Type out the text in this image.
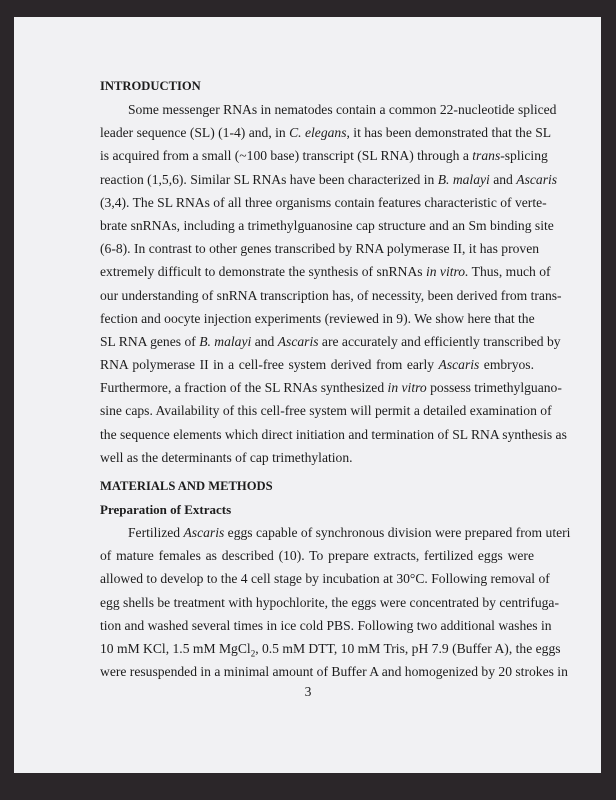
INTRODUCTION
Some messenger RNAs in nematodes contain a common 22-nucleotide spliced
leader sequence (SL) (1-4) and, in C. elegans, it has been demonstrated that the SL
is acquired from a small (~100 base) transcript (SL RNA) through a trans-splicing
reaction (1,5,6). Similar SL RNAs have been characterized in B. malayi and Ascaris
(3,4). The SL RNAs of all three organisms contain features characteristic of verte-
brate snRNAs, including a trimethylguanosine cap structure and an Sm binding site
(6-8). In contrast to other genes transcribed by RNA polymerase II, it has proven
extremely difficult to demonstrate the synthesis of snRNAs in vitro. Thus, much of
our understanding of snRNA transcription has, of necessity, been derived from trans-
fection and oocyte injection experiments (reviewed in 9). We show here that the
SL RNA genes of B. malayi and Ascaris are accurately and efficiently transcribed by
RNA polymerase II in a cell-free system derived from early Ascaris embryos.
Furthermore, a fraction of the SL RNAs synthesized in vitro possess trimethylguano-
sine caps. Availability of this cell-free system will permit a detailed examination of
the sequence elements which direct initiation and termination of SL RNA synthesis as
well as the determinants of cap trimethylation.
MATERIALS AND METHODS
Preparation of Extracts
Fertilized Ascaris eggs capable of synchronous division were prepared from uteri
of mature females as described (10). To prepare extracts, fertilized eggs were
allowed to develop to the 4 cell stage by incubation at 30°C. Following removal of
egg shells be treatment with hypochlorite, the eggs were concentrated by centrifuga-
tion and washed several times in ice cold PBS. Following two additional washes in
10 mM KCl, 1.5 mM MgCl$_2$, 0.5 mM DTT, 10 mM Tris, pH 7.9 (Buffer A), the eggs
were resuspended in a minimal amount of Buffer A and homogenized by 20 strokes in
3
